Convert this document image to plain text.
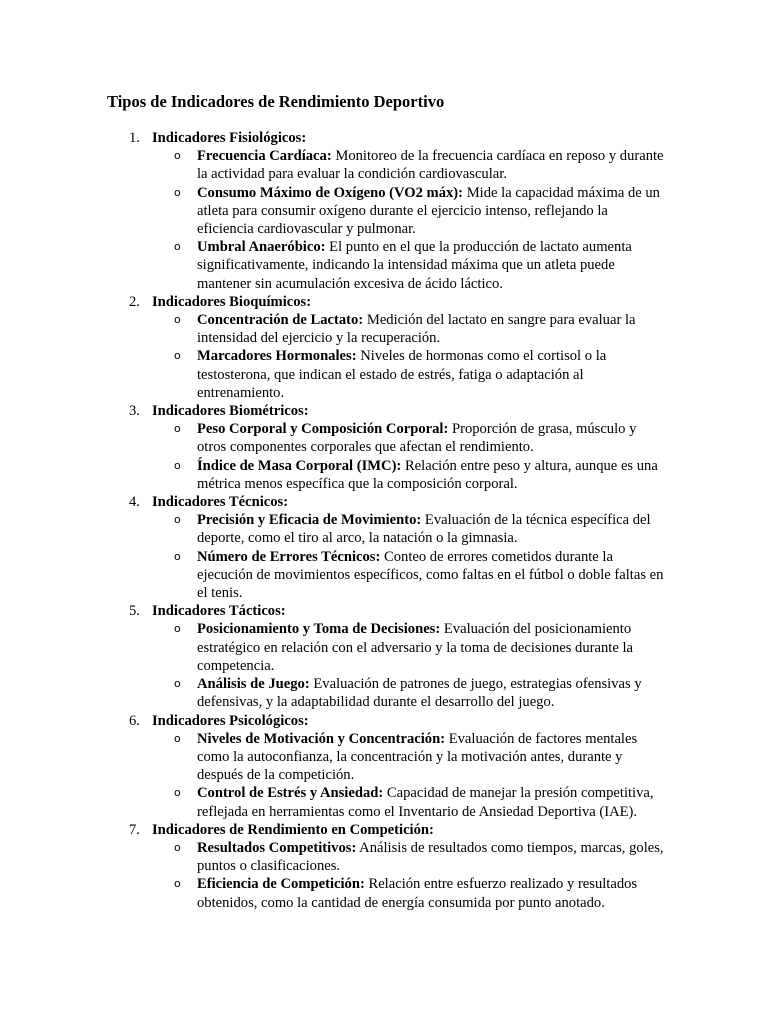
Tipos de Indicadores de Rendimiento Deportivo
1. Indicadores Fisiológicos:
o Frecuencia Cardíaca: Monitoreo de la frecuencia cardíaca en reposo y durante la actividad para evaluar la condición cardiovascular.
o Consumo Máximo de Oxígeno (VO2 máx): Mide la capacidad máxima de un atleta para consumir oxígeno durante el ejercicio intenso, reflejando la eficiencia cardiovascular y pulmonar.
o Umbral Anaeróbico: El punto en el que la producción de lactato aumenta significativamente, indicando la intensidad máxima que un atleta puede mantener sin acumulación excesiva de ácido láctico.
2. Indicadores Bioquímicos:
o Concentración de Lactato: Medición del lactato en sangre para evaluar la intensidad del ejercicio y la recuperación.
o Marcadores Hormonales: Niveles de hormonas como el cortisol o la testosterona, que indican el estado de estrés, fatiga o adaptación al entrenamiento.
3. Indicadores Biométricos:
o Peso Corporal y Composición Corporal: Proporción de grasa, músculo y otros componentes corporales que afectan el rendimiento.
o Índice de Masa Corporal (IMC): Relación entre peso y altura, aunque es una métrica menos específica que la composición corporal.
4. Indicadores Técnicos:
o Precisión y Eficacia de Movimiento: Evaluación de la técnica específica del deporte, como el tiro al arco, la natación o la gimnasia.
o Número de Errores Técnicos: Conteo de errores cometidos durante la ejecución de movimientos específicos, como faltas en el fútbol o doble faltas en el tenis.
5. Indicadores Tácticos:
o Posicionamiento y Toma de Decisiones: Evaluación del posicionamiento estratégico en relación con el adversario y la toma de decisiones durante la competencia.
o Análisis de Juego: Evaluación de patrones de juego, estrategias ofensivas y defensivas, y la adaptabilidad durante el desarrollo del juego.
6. Indicadores Psicológicos:
o Niveles de Motivación y Concentración: Evaluación de factores mentales como la autoconfianza, la concentración y la motivación antes, durante y después de la competición.
o Control de Estrés y Ansiedad: Capacidad de manejar la presión competitiva, reflejada en herramientas como el Inventario de Ansiedad Deportiva (IAE).
7. Indicadores de Rendimiento en Competición:
o Resultados Competitivos: Análisis de resultados como tiempos, marcas, goles, puntos o clasificaciones.
o Eficiencia de Competición: Relación entre esfuerzo realizado y resultados obtenidos, como la cantidad de energía consumida por punto anotado.
